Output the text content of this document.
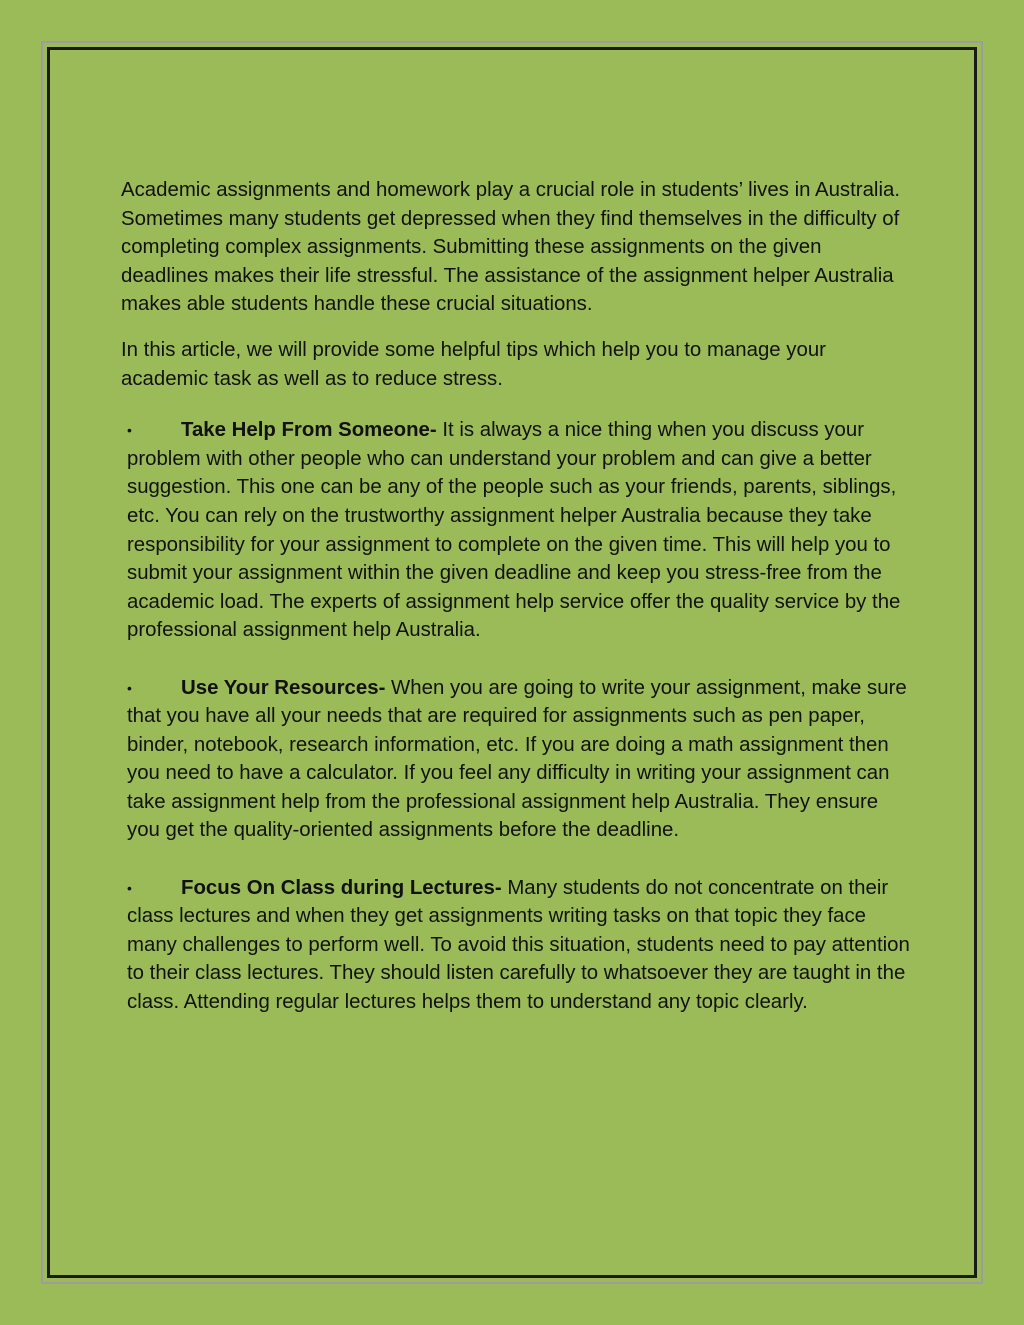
Academic assignments and homework play a crucial role in students’ lives in Australia. Sometimes many students get depressed when they find themselves in the difficulty of completing complex assignments. Submitting these assignments on the given deadlines makes their life stressful. The assistance of the assignment helper Australia makes able students handle these crucial situations.

In this article, we will provide some helpful tips which help you to manage your academic task as well as to reduce stress.

• Take Help From Someone- It is always a nice thing when you discuss your problem with other people who can understand your problem and can give a better suggestion. This one can be any of the people such as your friends, parents, siblings, etc. You can rely on the trustworthy assignment helper Australia because they take responsibility for your assignment to complete on the given time. This will help you to submit your assignment within the given deadline and keep you stress-free from the academic load. The experts of assignment help service offer the quality service by the professional assignment help Australia.
• Use Your Resources- When you are going to write your assignment, make sure that you have all your needs that are required for assignments such as pen paper, binder, notebook, research information, etc. If you are doing a math assignment then you need to have a calculator. If you feel any difficulty in writing your assignment can take assignment help from the professional assignment help Australia. They ensure you get the quality-oriented assignments before the deadline.
• Focus On Class during Lectures- Many students do not concentrate on their class lectures and when they get assignments writing tasks on that topic they face many challenges to perform well. To avoid this situation, students need to pay attention to their class lectures. They should listen carefully to whatsoever they are taught in the class. Attending regular lectures helps them to understand any topic clearly.
